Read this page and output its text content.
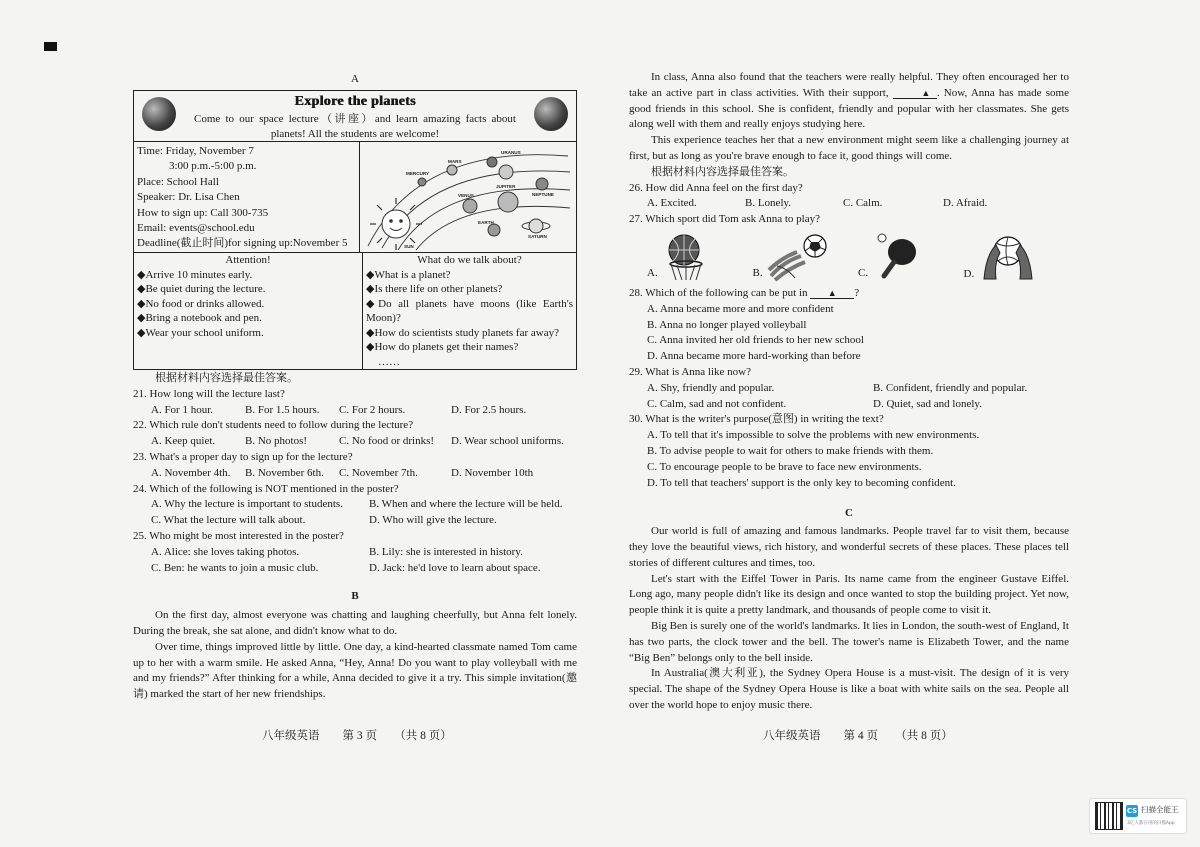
A
Explore the planets
Come to our space lecture（讲座）and learn amazing facts about planets! All the students are welcome!
Time: Friday, November 7
3:00 p.m.-5:00 p.m.
Place: School Hall
Speaker: Dr. Lisa Chen
How to sign up: Call 300-735
Email: events@school.edu
Deadline(截止时间)for signing up:November 5
MARS
URANUS
MERCURY
JUPITER
NEPTUNE
VENUS
EARTH
SATURN
SUN
Attention!
◆Arrive 10 minutes early.
◆Be quiet during the lecture.
◆No food or drinks allowed.
◆Bring a notebook and pen.
◆Wear your school uniform.
What do we talk about?
◆What is a planet?
◆Is there life on other planets?
◆Do all planets have moons (like Earth's Moon)?
◆How do scientists study planets far away?
◆How do planets get their names?
……

根据材料内容选择最佳答案。

21. How long will the lecture last?

A. For 1 hour.	B. For 1.5 hours.	C. For 2 hours.	D. For 2.5 hours.

22. Which rule don't students need to follow during the lecture?

A. Keep quiet.	B. No photos!	C. No food or drinks!	D. Wear school uniforms.

23. What's a proper day to sign up for the lecture?

A. November 4th.	B. November 6th.	C. November 7th.	D. November 10th

24. Which of the following is NOT mentioned in the poster?

A. Why the lecture is important to students.	B. When and where the lecture will be held.
C. What the lecture will talk about.	D. Who will give the lecture.

25. Who might be most interested in the poster?

A. Alice: she loves taking photos.	B. Lily: she is interested in history.
C. Ben: he wants to join a music club.	D. Jack: he'd love to learn about space.
B

On the first day, almost everyone was chatting and laughing cheerfully, but Anna felt lonely. During the break, she sat alone, and didn't know what to do.

Over time, things improved little by little. One day, a kind-hearted classmate named Tom came up to her with a warm smile. He asked Anna, “Hey, Anna! Do you want to play volleyball with me and my friends?” After thinking for a while, Anna decided to give it a try. This simple invitation(邀请) marked the start of her new friendships.

八年级英语　　第 3 页　　（共 8 页）

In class, Anna also found that the teachers were really helpful. They often encouraged her to take an active part in class activities. With their support,	▲ . Now, Anna has made some good friends in this school. She is confident, friendly and popular with her classmates. She gets along well with them and really enjoys studying here.

This experience teaches her that a new environment might seem like a challenging journey at first, but as long as you're brave enough to face it, good things will come.

根据材料内容选择最佳答案。

26. How did Anna feel on the first day?

A. Excited.	B. Lonely.	C. Calm.	D. Afraid.

27. Which sport did Tom ask Anna to play?

A.	B.	C.	D.

28. Which of the following can be put in ▲ ?

A. Anna became more and more confident

B. Anna no longer played volleyball

C. Anna invited her old friends to her new school

D. Anna became more hard-working than before

29. What is Anna like now?

A. Shy, friendly and popular.	B. Confident, friendly and popular.
C. Calm, sad and not confident.	D. Quiet, sad and lonely.

30. What is the writer's purpose(意图) in writing the text?

A. To tell that it's impossible to solve the problems with new environments.

B. To advise people to wait for others to make friends with them.

C. To encourage people to be brave to face new environments.

D. To tell that teachers' support is the only key to becoming confident.

C

Our world is full of amazing and famous landmarks. People travel far to visit them, because they love the beautiful views, rich history, and wonderful secrets of these places. These places tell stories of different cultures and times, too.

Let's start with the Eiffel Tower in Paris. Its name came from the engineer Gustave Eiffel. Long ago, many people didn't like its design and once wanted to stop the building project. Yet now, people think it is quite a pretty landmark, and thousands of people come to visit it.

Big Ben is surely one of the world's landmarks. It lies in London, the south-west of England, It has two parts, the clock tower and the bell. The tower's name is Elizabeth Tower, and the name “Big Ben” belongs only to the bell inside.

In Australia(澳大利亚), the Sydney Opera House is a must-visit. The design of it is very special. The shape of the Sydney Opera House is like a boat with white sails on the sea. People all over the world hope to enjoy music there.

八年级英语　　第 4 页　　（共 8 页）
CS 扫描全能王
3亿人都在用的扫描App
